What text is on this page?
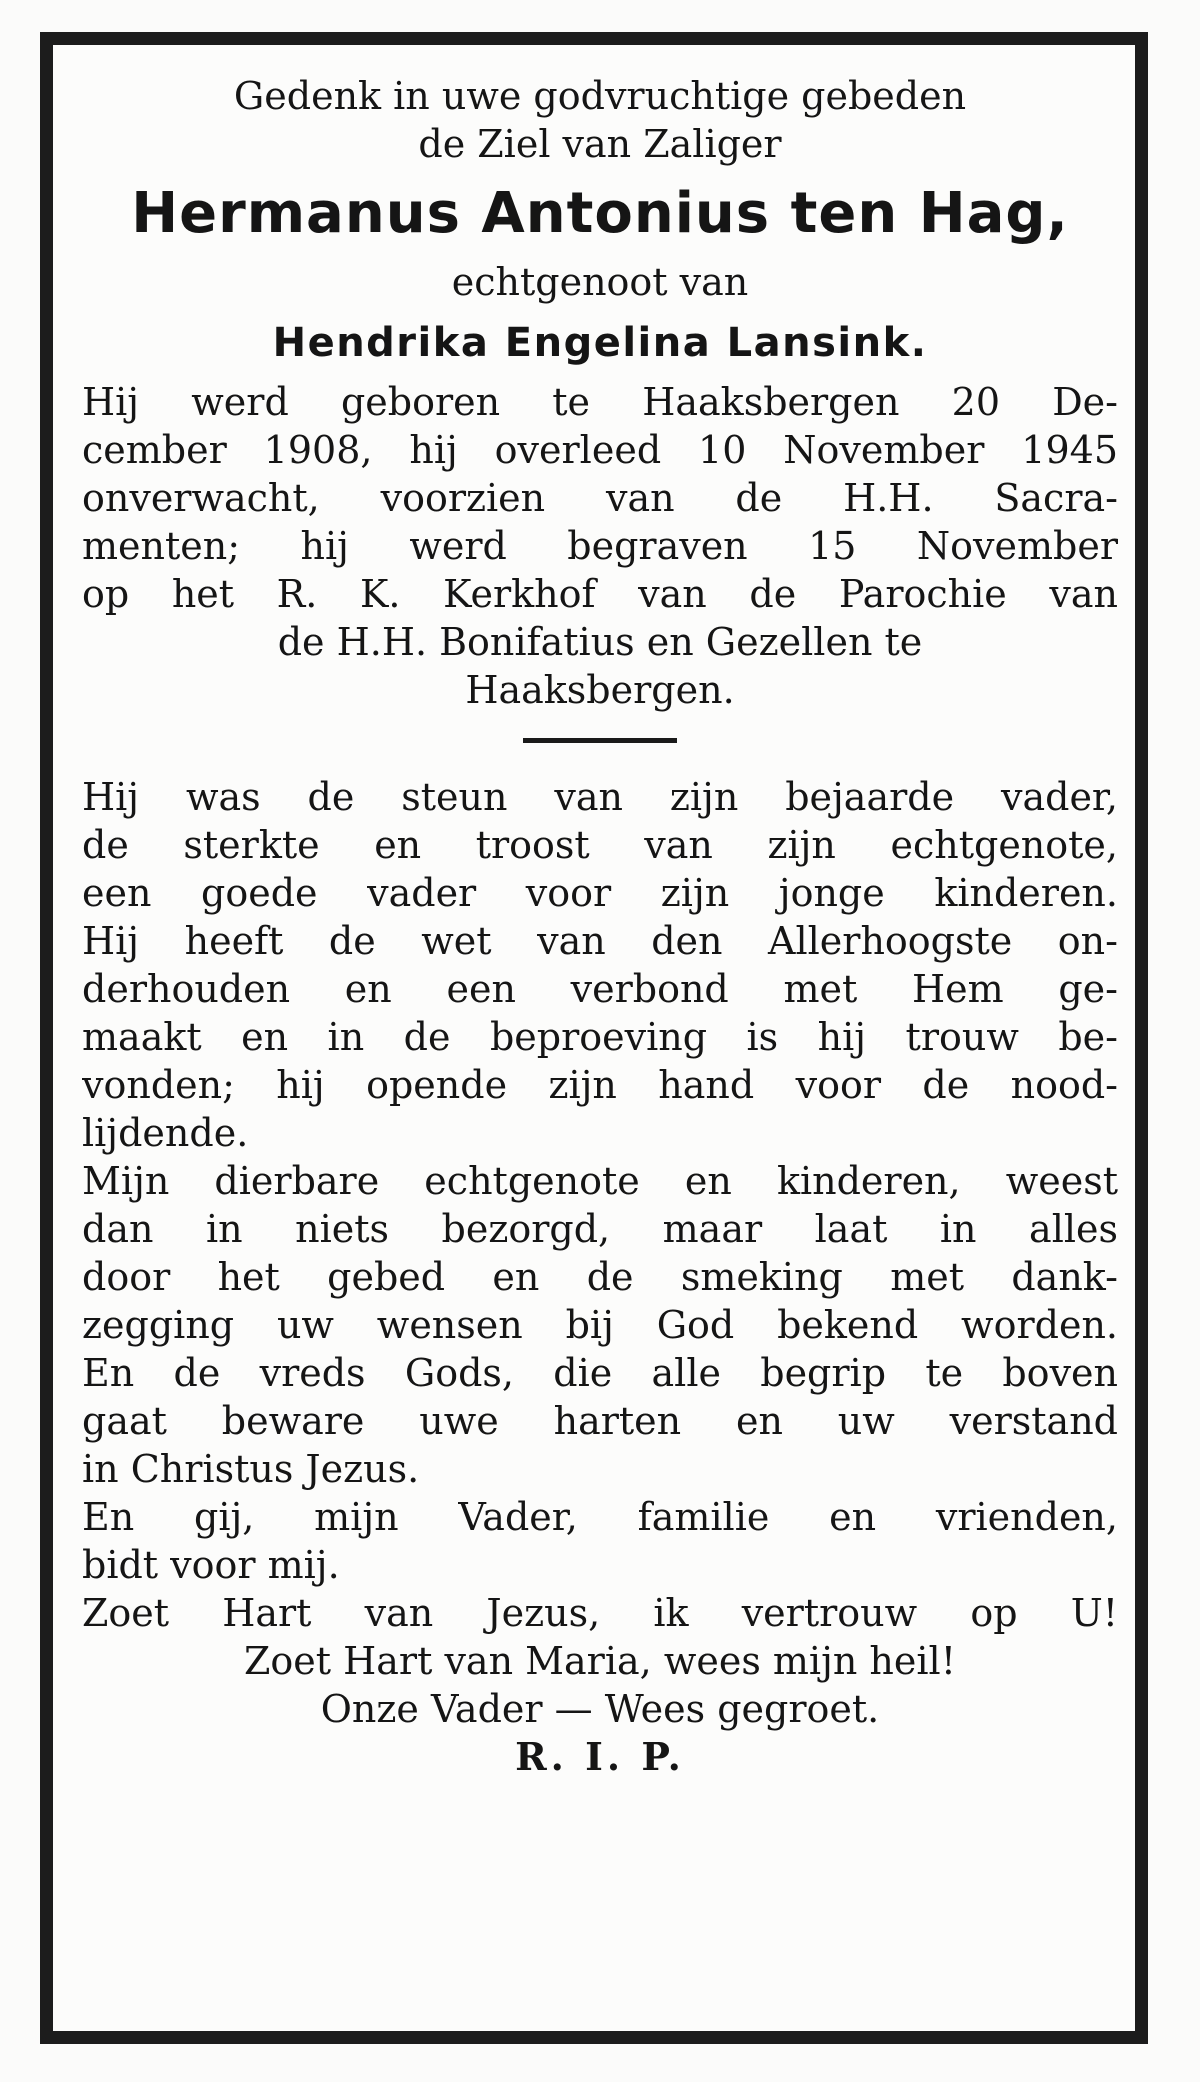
Gedenk in uwe godvruchtige gebeden
de Ziel van Zaliger
Hermanus Antonius ten Hag,
echtgenoot van
Hendrika Engelina Lansink.
Hij werd geboren te Haaksbergen 20 De-
cember 1908, hij overleed 10 November 1945
onverwacht, voorzien van de H.H. Sacra-
menten; hij werd begraven 15 November
op het R. K. Kerkhof van de Parochie van
de H.H. Bonifatius en Gezellen te
Haaksbergen.
Hij was de steun van zijn bejaarde vader,
de sterkte en troost van zijn echtgenote,
een goede vader voor zijn jonge kinderen.
Hij heeft de wet van den Allerhoogste on-
derhouden en een verbond met Hem ge-
maakt en in de beproeving is hij trouw be-
vonden; hij opende zijn hand voor de nood-
lijdende.
Mijn dierbare echtgenote en kinderen, weest
dan in niets bezorgd, maar laat in alles
door het gebed en de smeking met dank-
zegging uw wensen bij God bekend worden.
En de vreds Gods, die alle begrip te boven
gaat beware uwe harten en uw verstand
in Christus Jezus.
En gij, mijn Vader, familie en vrienden,
bidt voor mij.
Zoet Hart van Jezus, ik vertrouw op U!
Zoet Hart van Maria, wees mijn heil!
Onze Vader — Wees gegroet.
R. I. P.
